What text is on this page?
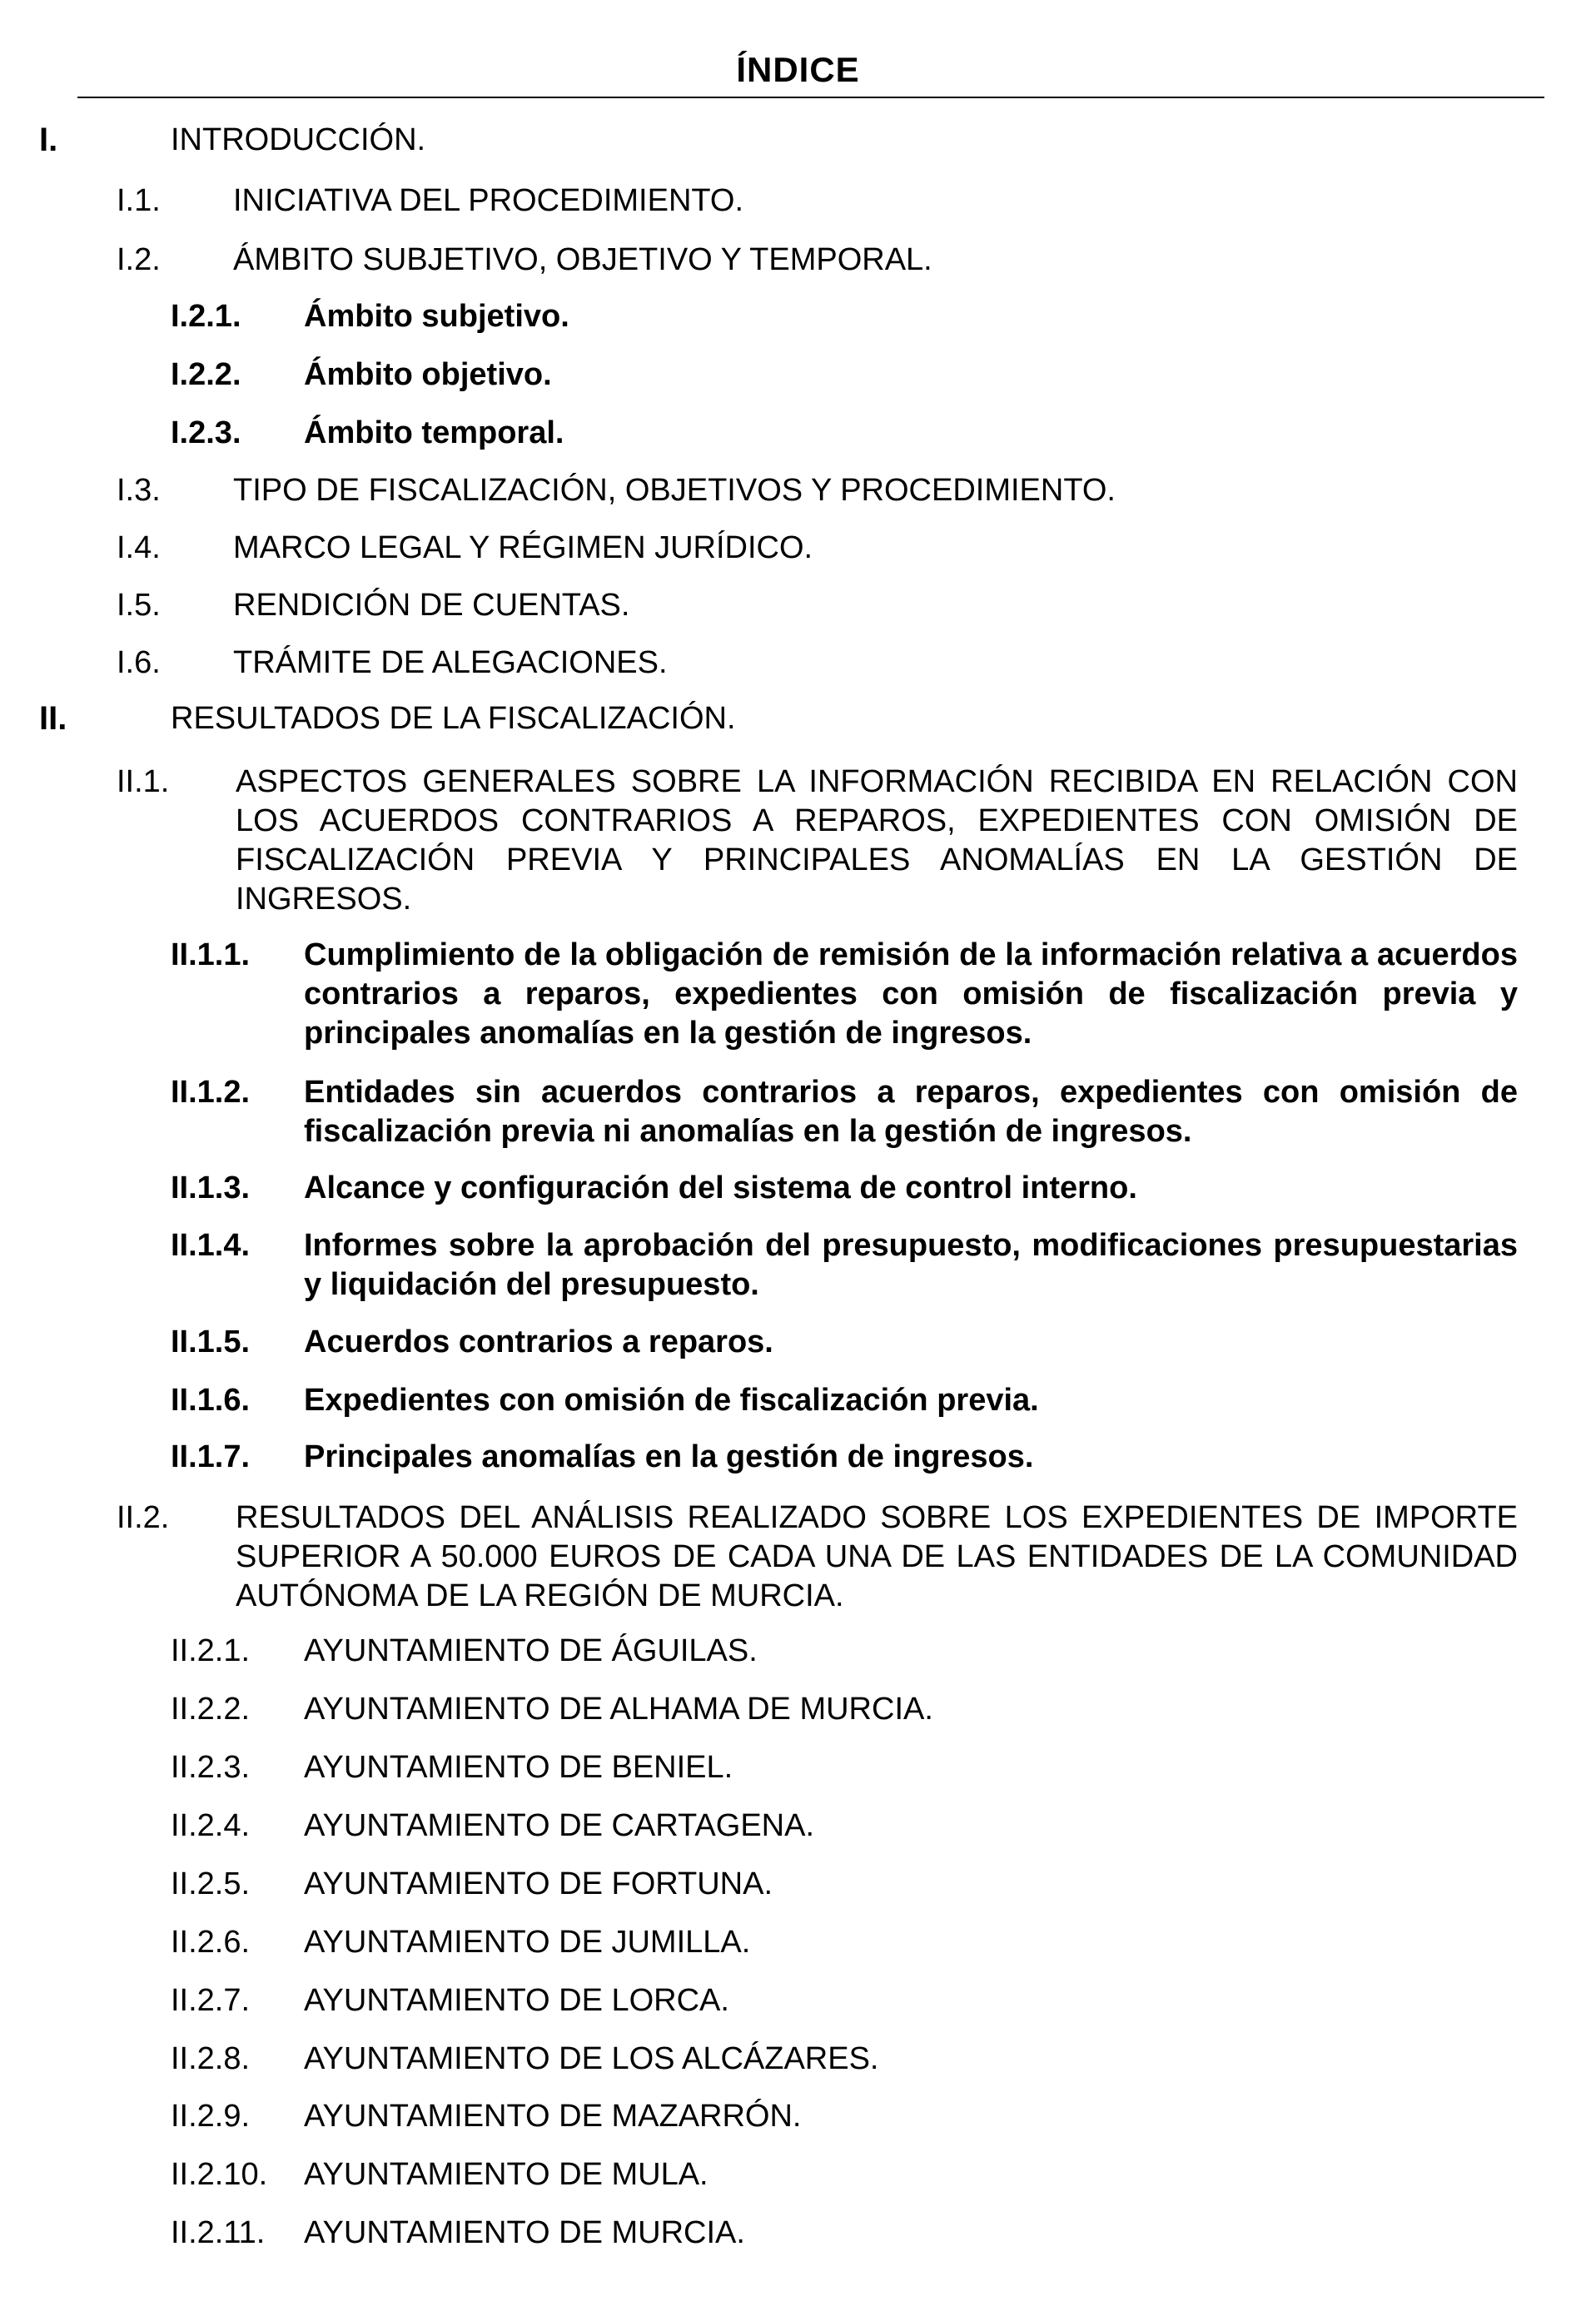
ÍNDICE
I.	INTRODUCCIÓN.
I.1. INICIATIVA DEL PROCEDIMIENTO.
I.2. ÁMBITO SUBJETIVO, OBJETIVO Y TEMPORAL.
I.2.1. Ámbito subjetivo.
I.2.2. Ámbito objetivo.
I.2.3. Ámbito temporal.
I.3. TIPO DE FISCALIZACIÓN, OBJETIVOS Y PROCEDIMIENTO.
I.4. MARCO LEGAL Y RÉGIMEN JURÍDICO.
I.5. RENDICIÓN DE CUENTAS.
I.6. TRÁMITE DE ALEGACIONES.
II.	RESULTADOS DE LA FISCALIZACIÓN.
II.1. ASPECTOS GENERALES SOBRE LA INFORMACIÓN RECIBIDA EN RELACIÓN CON LOS ACUERDOS CONTRARIOS A REPAROS, EXPEDIENTES CON OMISIÓN DE FISCALIZACIÓN PREVIA Y PRINCIPALES ANOMALÍAS EN LA GESTIÓN DE INGRESOS.
II.1.1. Cumplimiento de la obligación de remisión de la información relativa a acuerdos contrarios a reparos, expedientes con omisión de fiscalización previa y principales anomalías en la gestión de ingresos.
II.1.2. Entidades sin acuerdos contrarios a reparos, expedientes con omisión de fiscalización previa ni anomalías en la gestión de ingresos.
II.1.3. Alcance y configuración del sistema de control interno.
II.1.4. Informes sobre la aprobación del presupuesto, modificaciones presupuestarias y liquidación del presupuesto.
II.1.5. Acuerdos contrarios a reparos.
II.1.6. Expedientes con omisión de fiscalización previa.
II.1.7. Principales anomalías en la gestión de ingresos.
II.2. RESULTADOS DEL ANÁLISIS REALIZADO SOBRE LOS EXPEDIENTES DE IMPORTE SUPERIOR A 50.000 EUROS DE CADA UNA DE LAS ENTIDADES DE LA COMUNIDAD AUTÓNOMA DE LA REGIÓN DE MURCIA.
II.2.1. AYUNTAMIENTO DE ÁGUILAS.
II.2.2. AYUNTAMIENTO DE ALHAMA DE MURCIA.
II.2.3. AYUNTAMIENTO DE BENIEL.
II.2.4. AYUNTAMIENTO DE CARTAGENA.
II.2.5. AYUNTAMIENTO DE FORTUNA.
II.2.6. AYUNTAMIENTO DE JUMILLA.
II.2.7. AYUNTAMIENTO DE LORCA.
II.2.8. AYUNTAMIENTO DE LOS ALCÁZARES.
II.2.9. AYUNTAMIENTO DE MAZARRÓN.
II.2.10. AYUNTAMIENTO DE MULA.
II.2.11. AYUNTAMIENTO DE MURCIA.
